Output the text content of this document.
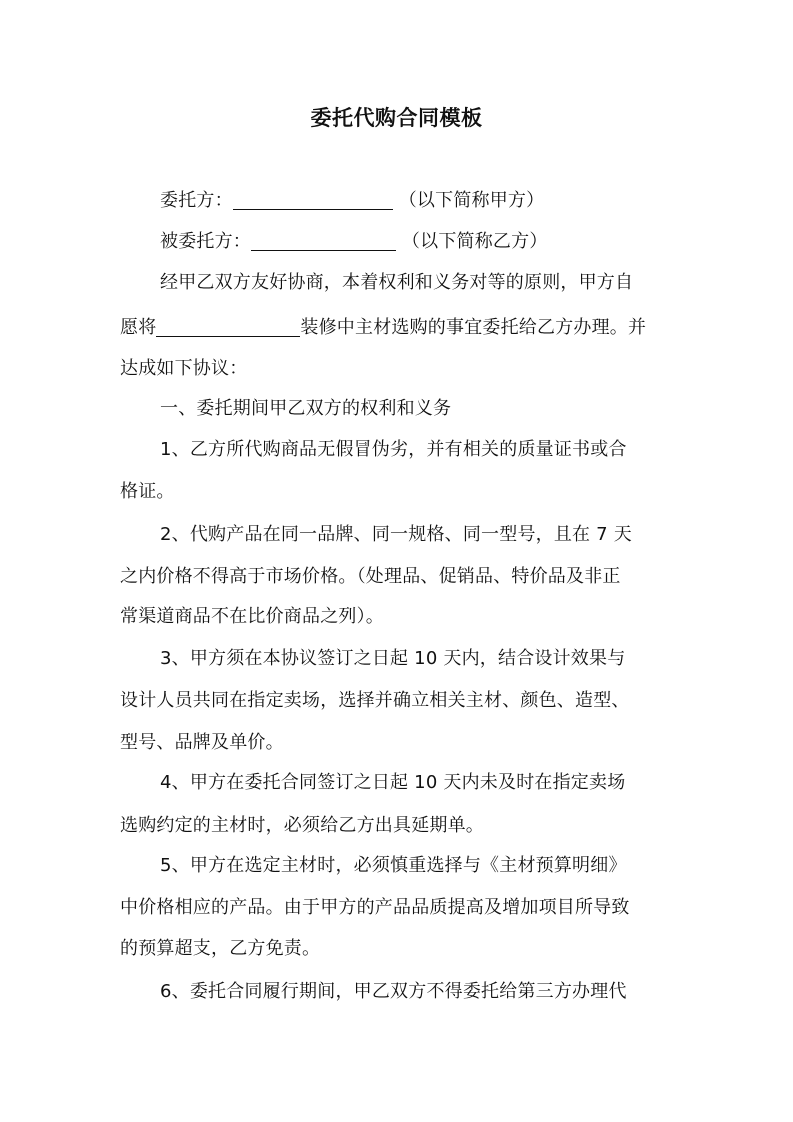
委托代购合同模板
委托方：	（以下简称甲方）
被委托方：	（以下简称乙方）
经甲乙双方友好协商，本着权利和义务对等的原则，甲方自
愿将	装修中主材选购的事宜委托给乙方办理。并
达成如下协议：
一、委托期间甲乙双方的权利和义务
1、乙方所代购商品无假冒伪劣，并有相关的质量证书或合
格证。
2、代购产品在同一品牌、同一规格、同一型号，且在 7 天
之内价格不得高于市场价格。（处理品、促销品、特价品及非正
常渠道商品不在比价商品之列）。
3、甲方须在本协议签订之日起 10 天内，结合设计效果与
设计人员共同在指定卖场，选择并确立相关主材、颜色、造型、
型号、品牌及单价。
4、甲方在委托合同签订之日起 10 天内未及时在指定卖场
选购约定的主材时，必须给乙方出具延期单。
5、甲方在选定主材时，必须慎重选择与《主材预算明细》
中价格相应的产品。由于甲方的产品品质提高及增加项目所导致
的预算超支，乙方免责。
6、委托合同履行期间，甲乙双方不得委托给第三方办理代
